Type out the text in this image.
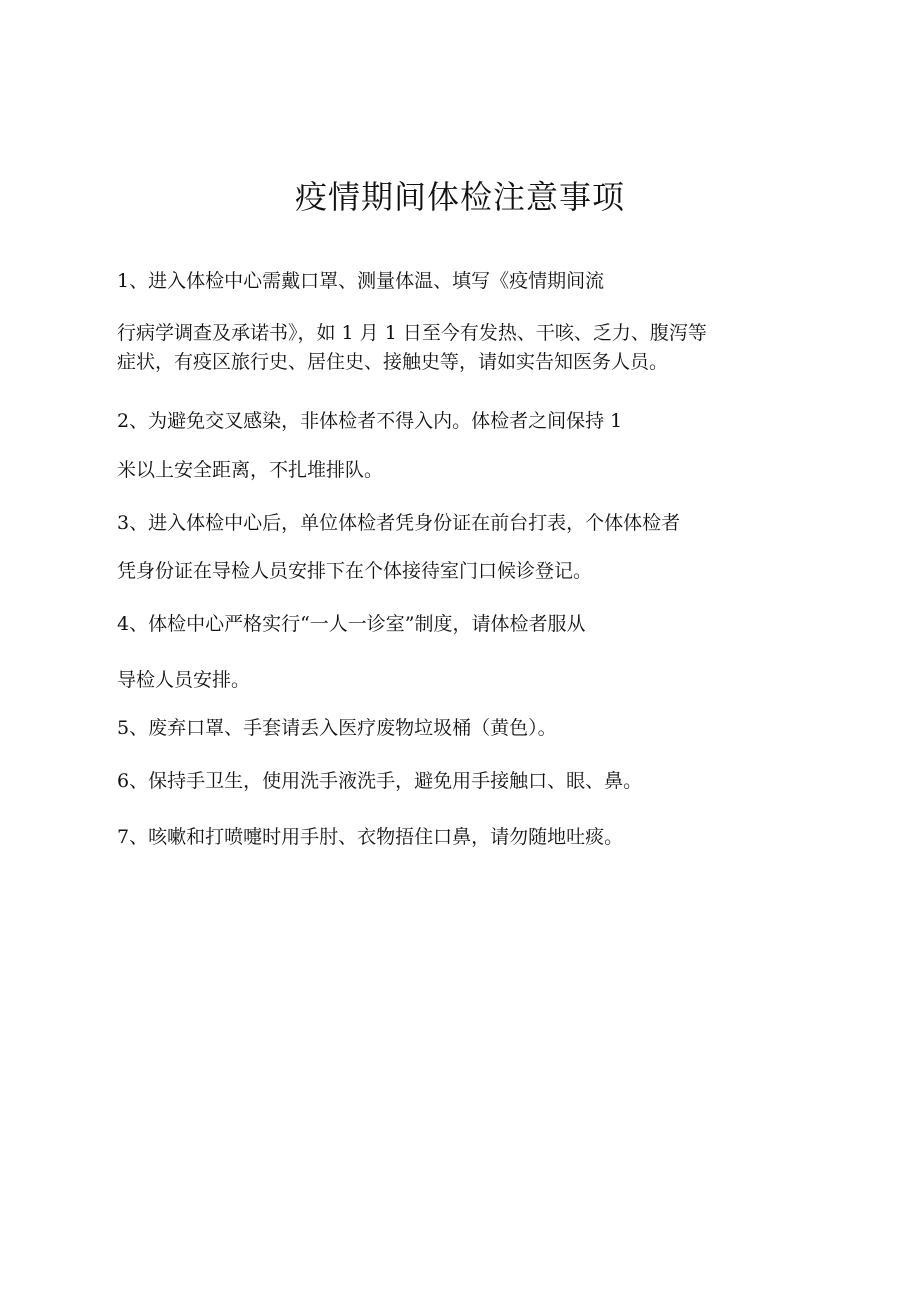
疫情期间体检注意事项

1、进入体检中心需戴口罩、测量体温、填写《疫情期间流

行病学调查及承诺书》，如 1 月 1 日至今有发热、干咳、乏力、腹泻等

症状，有疫区旅行史、居住史、接触史等，请如实告知医务人员。

2、为避免交叉感染，非体检者不得入内。体检者之间保持 1

米以上安全距离，不扎堆排队。

3、进入体检中心后，单位体检者凭身份证在前台打表，个体体检者

凭身份证在导检人员安排下在个体接待室门口候诊登记。

4、体检中心严格实行“一人一诊室”制度，请体检者服从

导检人员安排。

5、废弃口罩、手套请丢入医疗废物垃圾桶（黄色）。

6、保持手卫生，使用洗手液洗手，避免用手接触口、眼、鼻。

7、咳嗽和打喷嚏时用手肘、衣物捂住口鼻，请勿随地吐痰。
